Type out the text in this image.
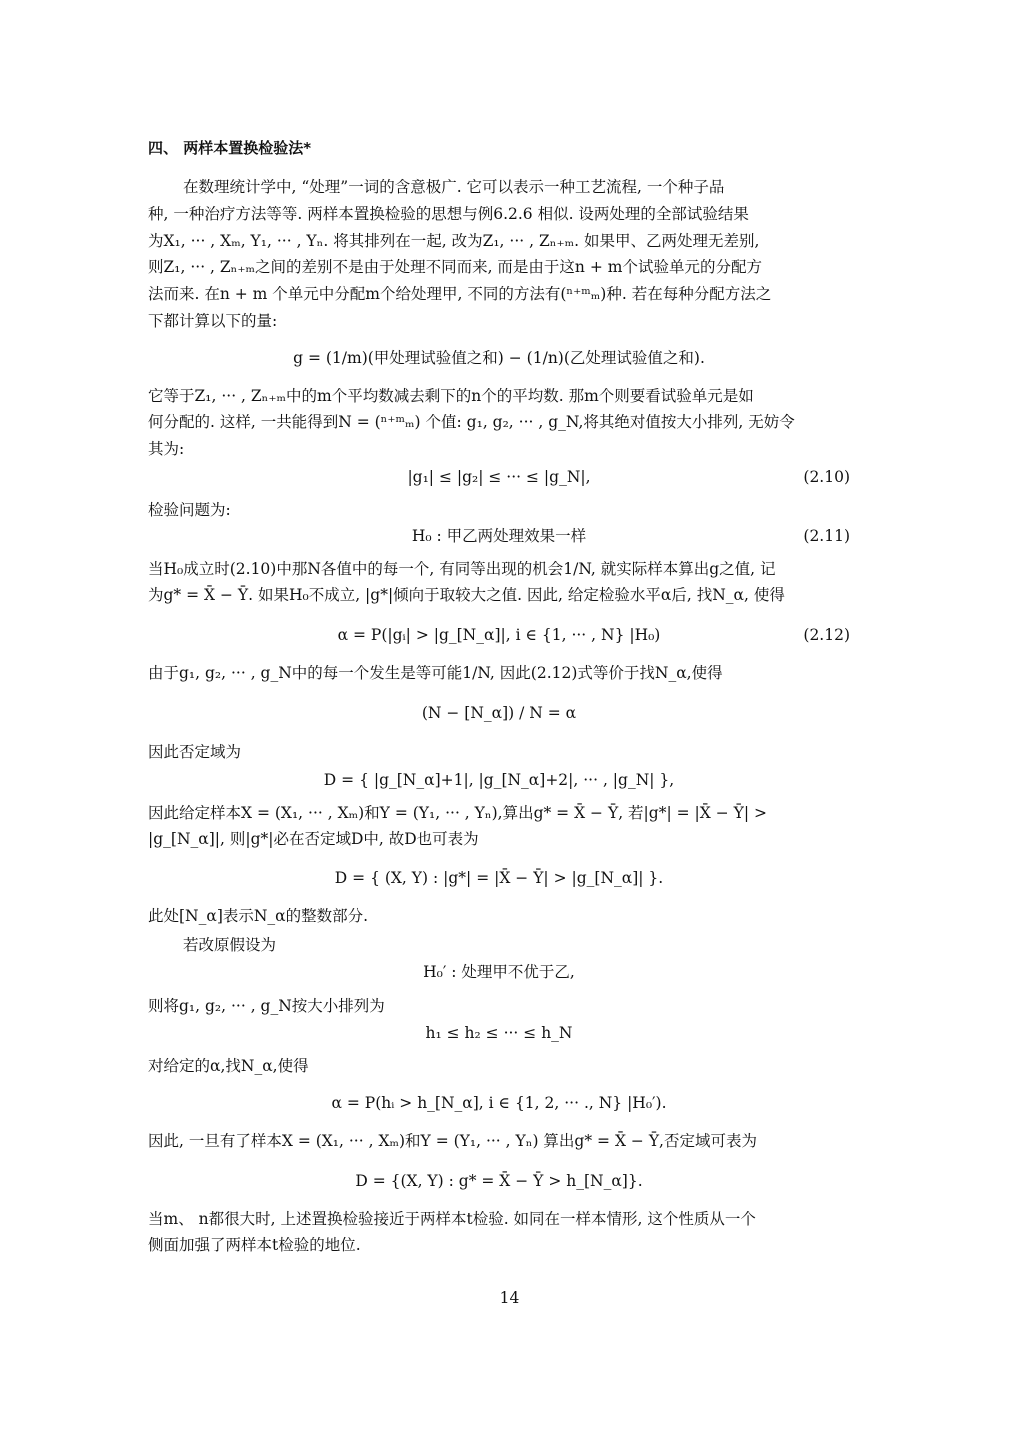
四、 两样本置换检验法*
在数理统计学中, “处理”一词的含意极广. 它可以表示一种工艺流程, 一个种子品
种, 一种治疗方法等等. 两样本置换检验的思想与例6.2.6 相似. 设两处理的全部试验结果
为X₁, ··· , Xₘ, Y₁, ··· , Yₙ. 将其排列在一起, 改为Z₁, ··· , Zₙ₊ₘ. 如果甲、乙两处理无差别,
则Z₁, ··· , Zₙ₊ₘ之间的差别不是由于处理不同而来, 而是由于这n + m个试验单元的分配方
法而来. 在n + m 个单元中分配m个给处理甲, 不同的方法有(ⁿ⁺ᵐₘ)种. 若在每种分配方法之
下都计算以下的量:
g = (1/m)(甲处理试验值之和) − (1/n)(乙处理试验值之和).
它等于Z₁, ··· , Zₙ₊ₘ中的m个平均数减去剩下的n个的平均数. 那m个则要看试验单元是如
何分配的. 这样, 一共能得到N = (ⁿ⁺ᵐₘ) 个值: g₁, g₂, ··· , g_N,将其绝对值按大小排列, 无妨令
其为:
|g₁| ≤ |g₂| ≤ ··· ≤ |g_N|,	(2.10)
检验问题为:
H₀ : 甲乙两处理效果一样	(2.11)
当H₀成立时(2.10)中那N各值中的每一个, 有同等出现的机会1/N, 就实际样本算出g之值, 记
为g* = X̄ − Ȳ. 如果H₀不成立, |g*|倾向于取较大之值. 因此, 给定检验水平α后, 找N_α, 使得
α = P(|gᵢ| > |g_[N_α]|, i ∈ {1, ··· , N} |H₀)	(2.12)
由于g₁, g₂, ··· , g_N中的每一个发生是等可能1/N, 因此(2.12)式等价于找N_α,使得
(N − [N_α]) / N = α
因此否定域为
D = { |g_[N_α]+1|, |g_[N_α]+2|, ··· , |g_N| },
因此给定样本X = (X₁, ··· , Xₘ)和Y = (Y₁, ··· , Yₙ),算出g* = X̄ − Ȳ, 若|g*| = |X̄ − Ȳ| >
|g_[N_α]|, 则|g*|必在否定域D中, 故D也可表为
D = { (X, Y) : |g*| = |X̄ − Ȳ| > |g_[N_α]| }.
此处[N_α]表示N_α的整数部分.
若改原假设为
H₀′ : 处理甲不优于乙,
则将g₁, g₂, ··· , g_N按大小排列为
h₁ ≤ h₂ ≤ ··· ≤ h_N
对给定的α,找N_α,使得
α = P(hᵢ > h_[N_α], i ∈ {1, 2, ··· ., N} |H₀′).
因此, 一旦有了样本X = (X₁, ··· , Xₘ)和Y = (Y₁, ··· , Yₙ) 算出g* = X̄ − Ȳ,否定域可表为
D = {(X, Y) : g* = X̄ − Ȳ > h_[N_α]}.
当m、 n都很大时, 上述置换检验接近于两样本t检验. 如同在一样本情形, 这个性质从一个
侧面加强了两样本t检验的地位.
14
